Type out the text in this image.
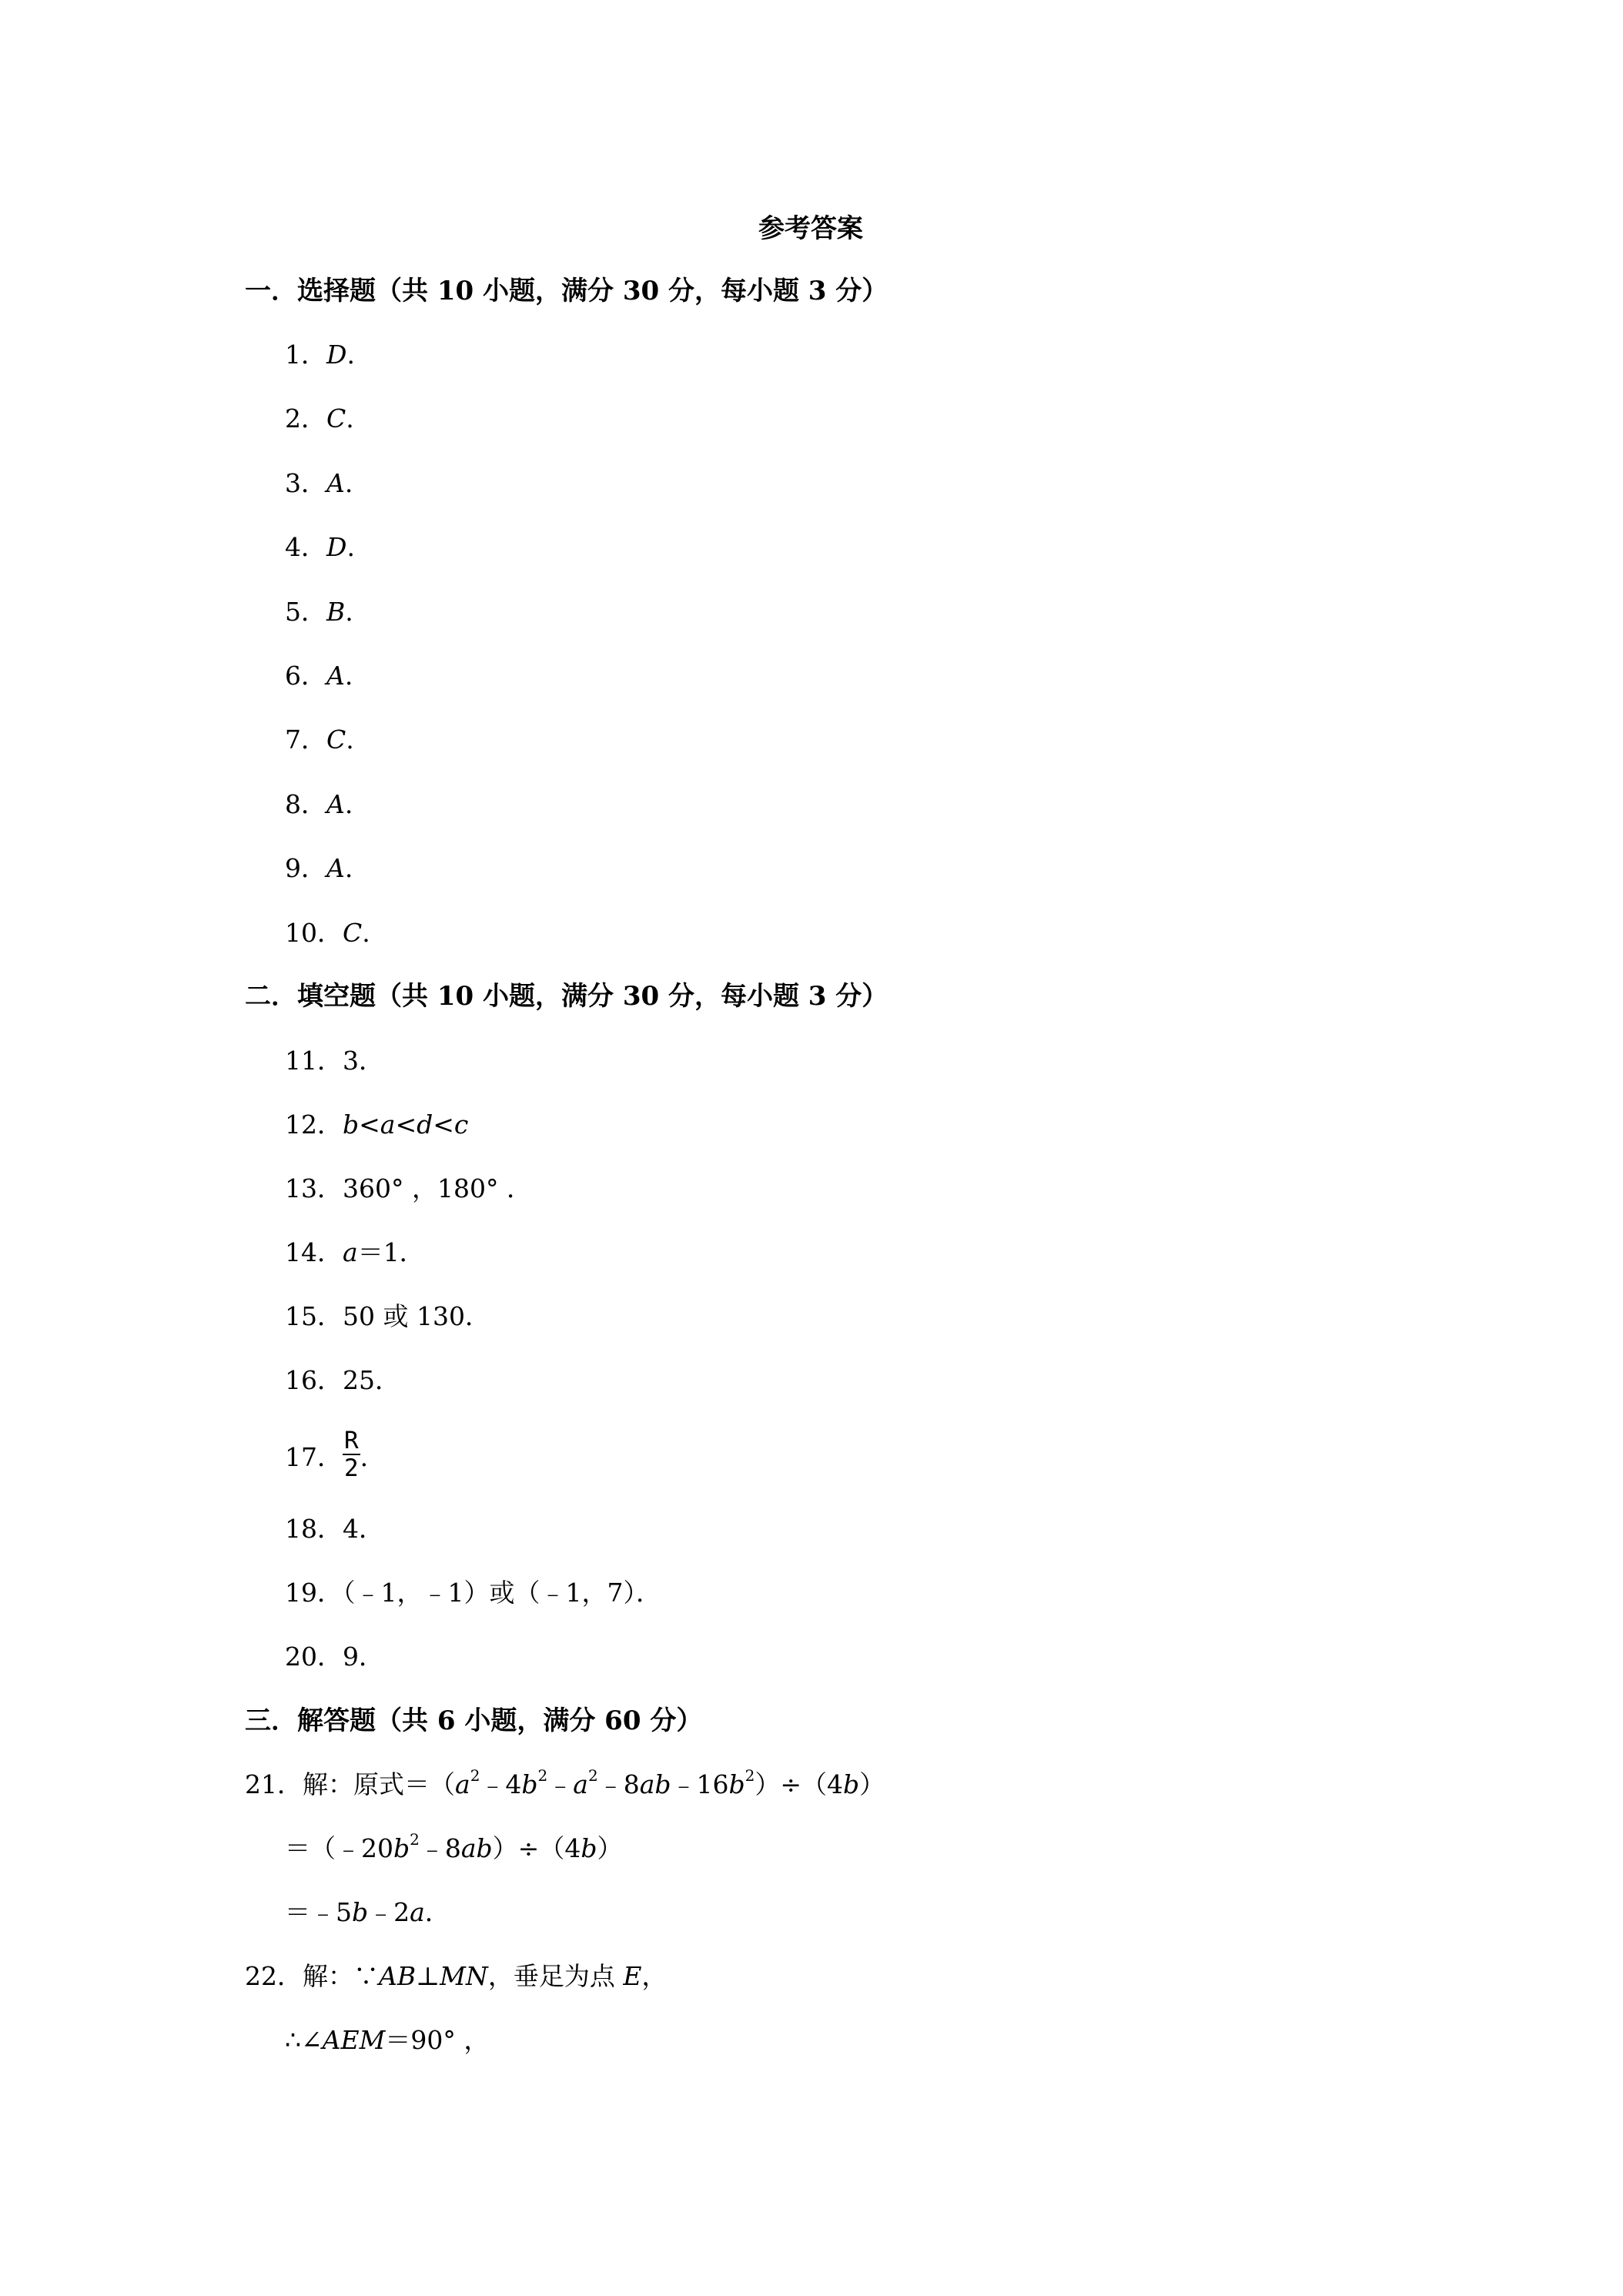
参考答案
一．选择题（共 10 小题，满分 30 分，每小题 3 分）
1．D.
2．C.
3．A.
4．D.
5．B.
6．A.
7．C.
8．A.
9．A.
10．C.
二．填空题（共 10 小题，满分 30 分，每小题 3 分）
11．3．
12．b<a<d<c
13．360° ，180° ．
14．a＝1．
15．50 或 130．
16．25．
17． $\frac{R}{2}$ .
18．4．
19．（﹣1，﹣1）或（﹣1，7）．
20．9．
三．解答题（共 6 小题，满分 60 分）
21．解：原式$=(a^2﹣4b^2﹣a^2﹣8ab﹣16b^2)\div(4b)$
$=(﹣20b^2﹣8ab)\div(4b)$
＝﹣5b﹣2a．
22．解：∵AB⊥MN，垂足为点 E，
∴∠AEM＝90° ，
